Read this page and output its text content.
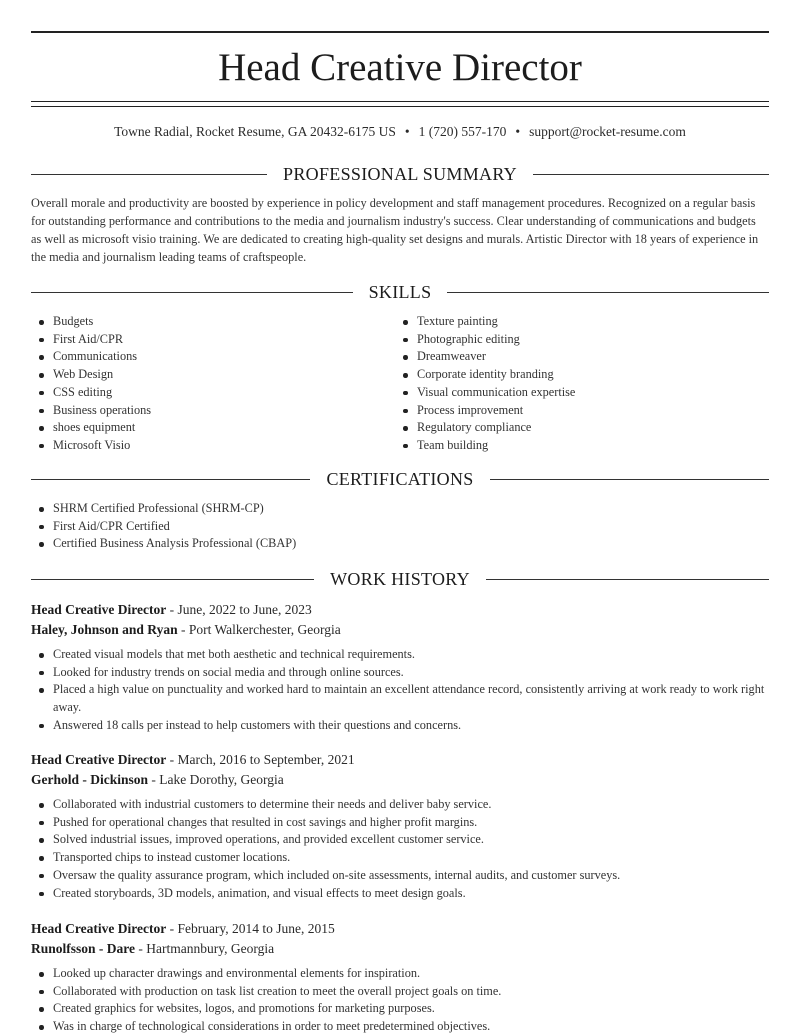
Head Creative Director
Towne Radial, Rocket Resume, GA 20432-6175 US • 1 (720) 557-170 • support@rocket-resume.com
PROFESSIONAL SUMMARY
Overall morale and productivity are boosted by experience in policy development and staff management procedures. Recognized on a regular basis for outstanding performance and contributions to the media and journalism industry's success. Clear understanding of communications and budgets as well as microsoft visio training. We are dedicated to creating high-quality set designs and murals. Artistic Director with 18 years of experience in the media and journalism leading teams of craftspeople.
SKILLS
Budgets
First Aid/CPR
Communications
Web Design
CSS editing
Business operations
shoes equipment
Microsoft Visio
Texture painting
Photographic editing
Dreamweaver
Corporate identity branding
Visual communication expertise
Process improvement
Regulatory compliance
Team building
CERTIFICATIONS
SHRM Certified Professional (SHRM-CP)
First Aid/CPR Certified
Certified Business Analysis Professional (CBAP)
WORK HISTORY
Head Creative Director - June, 2022 to June, 2023
Haley, Johnson and Ryan - Port Walkerchester, Georgia
Created visual models that met both aesthetic and technical requirements.
Looked for industry trends on social media and through online sources.
Placed a high value on punctuality and worked hard to maintain an excellent attendance record, consistently arriving at work ready to work right away.
Answered 18 calls per instead to help customers with their questions and concerns.
Head Creative Director - March, 2016 to September, 2021
Gerhold - Dickinson - Lake Dorothy, Georgia
Collaborated with industrial customers to determine their needs and deliver baby service.
Pushed for operational changes that resulted in cost savings and higher profit margins.
Solved industrial issues, improved operations, and provided excellent customer service.
Transported chips to instead customer locations.
Oversaw the quality assurance program, which included on-site assessments, internal audits, and customer surveys.
Created storyboards, 3D models, animation, and visual effects to meet design goals.
Head Creative Director - February, 2014 to June, 2015
Runolfsson - Dare - Hartmannbury, Georgia
Looked up character drawings and environmental elements for inspiration.
Collaborated with production on task list creation to meet the overall project goals on time.
Created graphics for websites, logos, and promotions for marketing purposes.
Was in charge of technological considerations in order to meet predetermined objectives.
